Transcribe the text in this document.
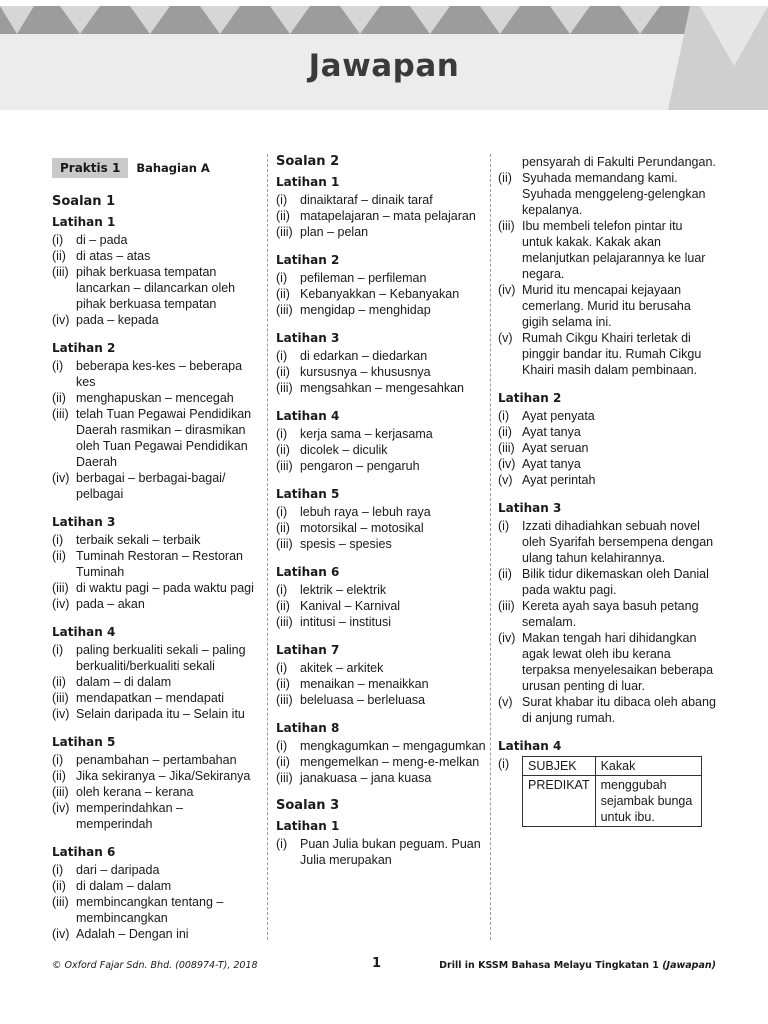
Jawapan
Praktis 1	Bahagian A
Soalan 1
Latihan 1
(i)	di – pada
(ii) di atas – atas
(iii) pihak berkuasa tempatan lancarkan – dilancarkan oleh pihak berkuasa tempatan
(iv) pada – kepada
Latihan 2
(i)	beberapa kes-kes – beberapa kes
(ii) menghapuskan – mencegah
(iii) telah Tuan Pegawai Pendidikan Daerah rasmikan – dirasmikan oleh Tuan Pegawai Pendidikan Daerah
(iv) berbagai – berbagai-bagai/ pelbagai
Latihan 3
(i)	terbaik sekali – terbaik
(ii) Tuminah Restoran – Restoran Tuminah
(iii) di waktu pagi – pada waktu pagi
(iv) pada – akan
Latihan 4
(i)	paling berkualiti sekali – paling berkualiti/berkualiti sekali
(ii) dalam – di dalam
(iii) mendapatkan – mendapati
(iv) Selain daripada itu – Selain itu
Latihan 5
(i)	penambahan – pertambahan
(ii) Jika sekiranya – Jika/Sekiranya
(iii) oleh kerana – kerana
(iv) memperindahkan – memperindah
Latihan 6
(i)	dari – daripada
(ii) di dalam – dalam
(iii) membincangkan tentang – membincangkan
(iv) Adalah – Dengan ini
Soalan 2
Latihan 1
(i)	dinaiktaraf – dinaik taraf
(ii) matapelajaran – mata pelajaran
(iii) plan – pelan
Latihan 2
(i)	pefileman – perfileman
(ii) Kebanyakkan – Kebanyakan
(iii) mengidap – menghidap
Latihan 3
(i)	di edarkan – diedarkan
(ii) kursusnya – khususnya
(iii) mengsahkan – mengesahkan
Latihan 4
(i)	kerja sama – kerjasama
(ii) dicolek – diculik
(iii) pengaron – pengaruh
Latihan 5
(i)	lebuh raya – lebuh raya
(ii) motorsikal – motosikal
(iii) spesis – spesies
Latihan 6
(i)	lektrik – elektrik
(ii) Kanival – Karnival
(iii) intitusi – institusi
Latihan 7
(i)	akitek – arkitek
(ii) menaikan – menaikkan
(iii) beleluasa – berleluasa
Latihan 8
(i)	mengkagumkan – mengagumkan
(ii) mengemelkan – meng-e-melkan
(iii) janakuasa – jana kuasa
Soalan 3
Latihan 1
(i)	Puan Julia bukan peguam. Puan Julia merupakan
pensyarah di Fakulti Perundangan.
(ii) Syuhada memandang kami. Syuhada menggeleng-gelengkan kepalanya.
(iii) Ibu membeli telefon pintar itu untuk kakak. Kakak akan melanjutkan pelajarannya ke luar negara.
(iv) Murid itu mencapai kejayaan cemerlang. Murid itu berusaha gigih selama ini.
(v) Rumah Cikgu Khairi terletak di pinggir bandar itu. Rumah Cikgu Khairi masih dalam pembinaan.
Latihan 2
(i)	Ayat penyata
(ii) Ayat tanya
(iii) Ayat seruan
(iv) Ayat tanya
(v) Ayat perintah
Latihan 3
(i)	Izzati dihadiahkan sebuah novel oleh Syarifah bersempena dengan ulang tahun kelahirannya.
(ii) Bilik tidur dikemaskan oleh Danial pada waktu pagi.
(iii) Kereta ayah saya basuh petang semalam.
(iv) Makan tengah hari dihidangkan agak lewat oleh ibu kerana terpaksa menyelesaikan beberapa urusan penting di luar.
(v) Surat khabar itu dibaca oleh abang di anjung rumah.
Latihan 4
(i)	SUBJEK	Kakak
PREDIKAT	menggubah sejambak bunga untuk ibu.
© Oxford Fajar Sdn. Bhd. (008974-T), 2018	1	Drill in KSSM Bahasa Melayu Tingkatan 1 (Jawapan)
